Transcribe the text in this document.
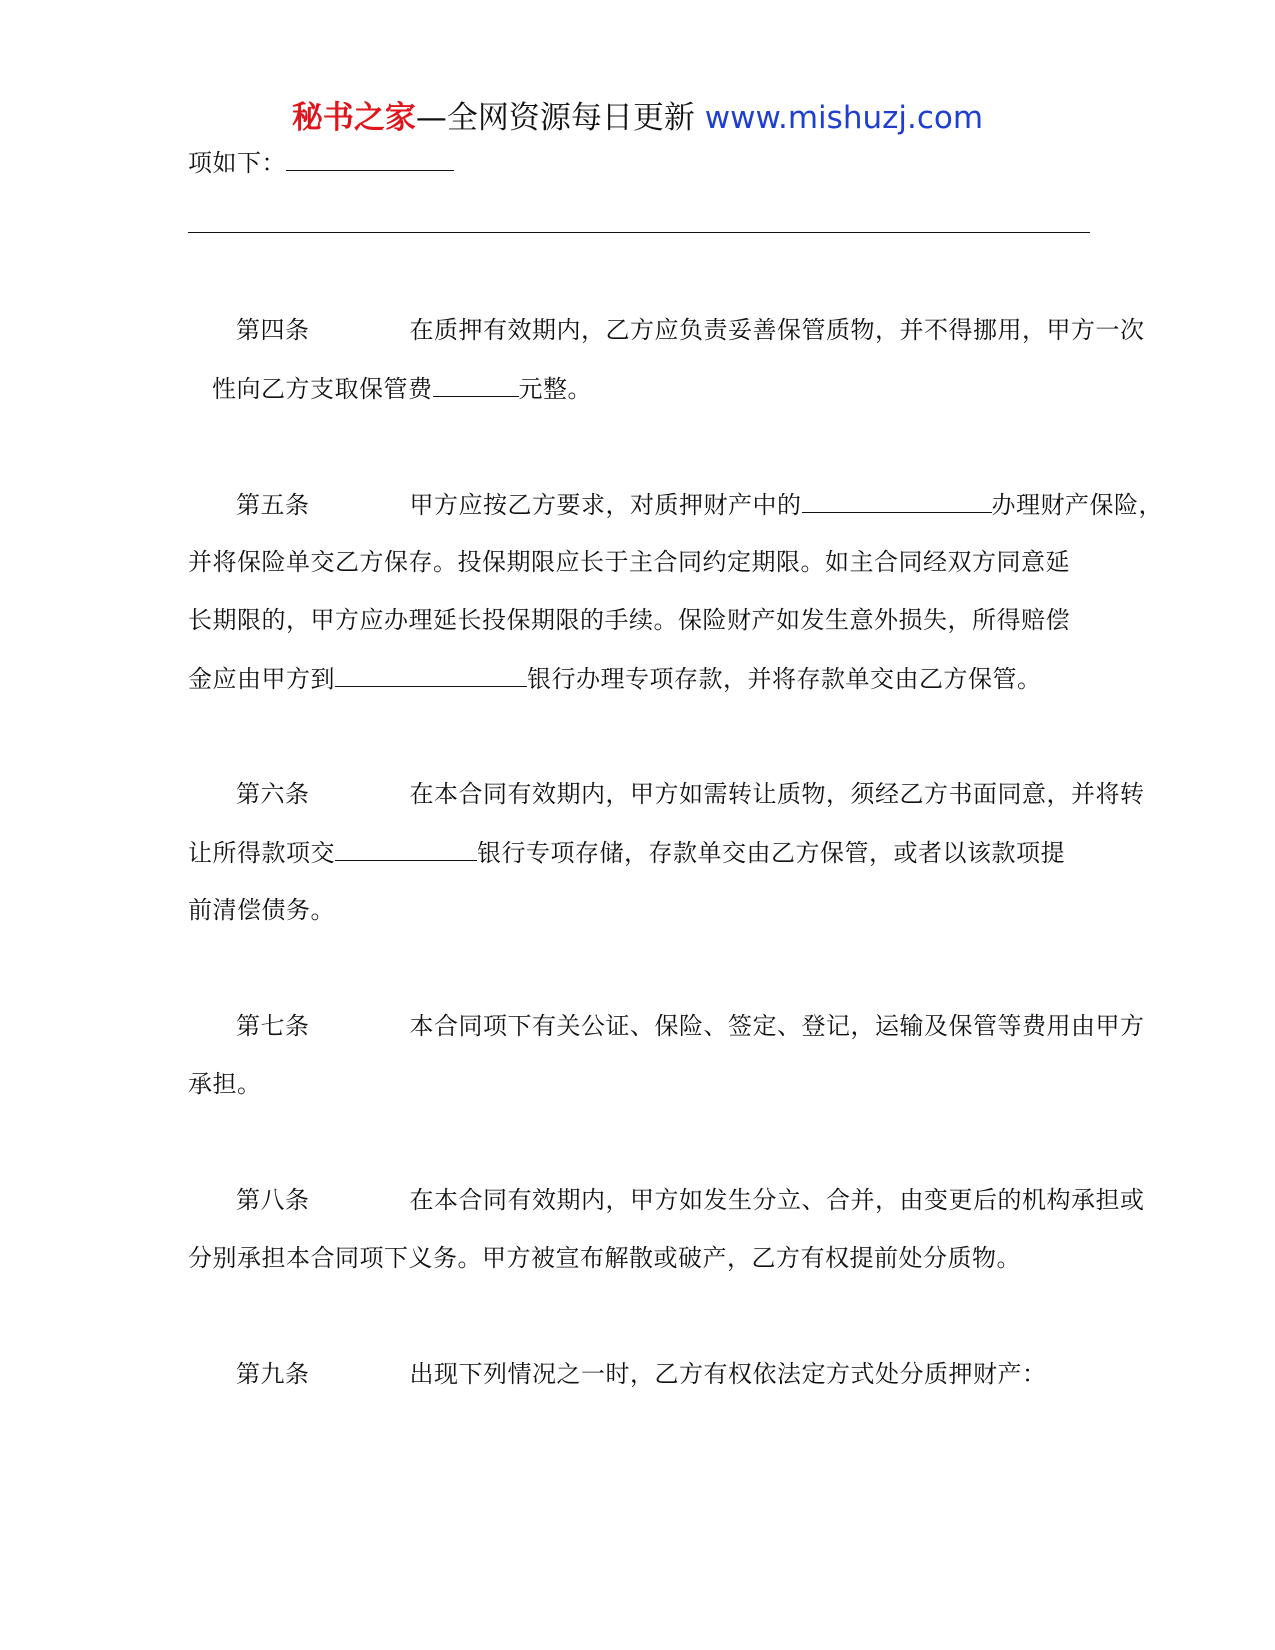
秘书之家—全网资源每日更新 www.mishuzj.com
项如下：
第四条	在质押有效期内，乙方应负责妥善保管质物，并不得挪用，甲方一次
性向乙方支取保管费	元整。
第五条	甲方应按乙方要求，对质押财产中的	办理财产保险，
并将保险单交乙方保存。投保期限应长于主合同约定期限。如主合同经双方同意延
长期限的，甲方应办理延长投保期限的手续。保险财产如发生意外损失，所得赔偿
金应由甲方到	银行办理专项存款，并将存款单交由乙方保管。
第六条	在本合同有效期内，甲方如需转让质物，须经乙方书面同意，并将转
让所得款项交	银行专项存储，存款单交由乙方保管，或者以该款项提
前清偿债务。
第七条	本合同项下有关公证、保险、签定、登记，运输及保管等费用由甲方
承担。
第八条	在本合同有效期内，甲方如发生分立、合并，由变更后的机构承担或
分别承担本合同项下义务。甲方被宣布解散或破产，乙方有权提前处分质物。
第九条	出现下列情况之一时，乙方有权依法定方式处分质押财产：
